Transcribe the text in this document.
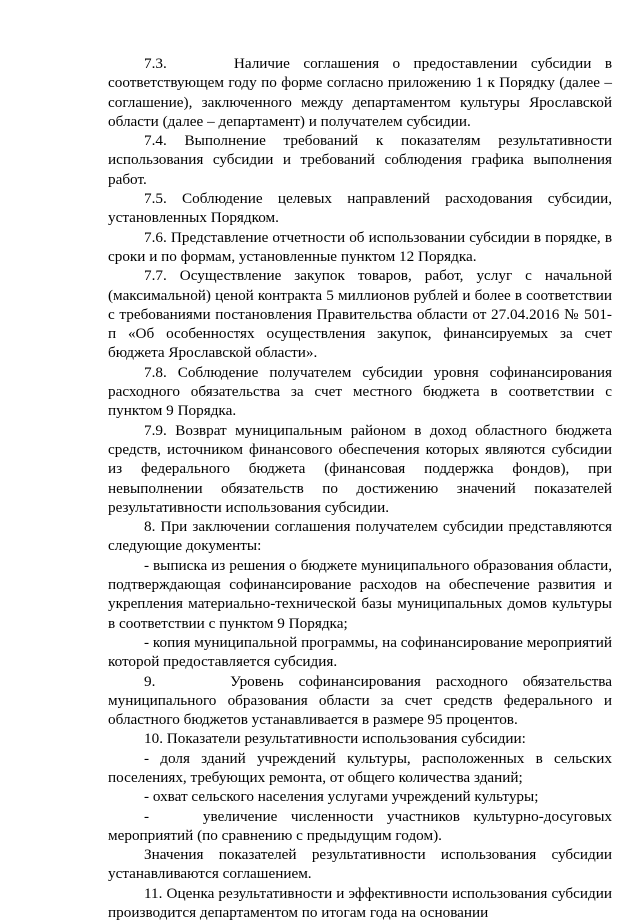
7.3.     Наличие соглашения о предоставлении субсидии в соответствующем году по форме согласно приложению 1 к Порядку (далее – соглашение), заключенного между департаментом культуры Ярославской области (далее – департамент) и получателем субсидии.

7.4. Выполнение требований к показателям результативности использования субсидии и требований соблюдения графика выполнения работ.

7.5. Соблюдение целевых направлений расходования субсидии, установленных Порядком.

7.6. Представление отчетности об использовании субсидии в порядке, в сроки и по формам, установленные пунктом 12 Порядка.

7.7. Осуществление закупок товаров, работ, услуг с начальной (максимальной) ценой контракта 5 миллионов рублей и более в соответствии с требованиями постановления Правительства области от 27.04.2016 № 501-п «Об особенностях осуществления закупок, финансируемых за счет бюджета Ярославской области».

7.8. Соблюдение получателем субсидии уровня софинансирования расходного обязательства за счет местного бюджета в соответствии с пунктом 9 Порядка.

7.9. Возврат муниципальным районом в доход областного бюджета средств, источником финансового обеспечения которых являются субсидии из федерального бюджета (финансовая поддержка фондов), при невыполнении обязательств по достижению значений показателей результативности использования субсидии.

8. При заключении соглашения получателем субсидии представляются следующие документы:

- выписка из решения о бюджете муниципального образования области, подтверждающая софинансирование расходов на обеспечение развития и укрепления материально-технической базы муниципальных домов культуры в соответствии с пунктом 9 Порядка;

- копия муниципальной программы, на софинансирование мероприятий которой предоставляется субсидия.

9.     Уровень софинансирования расходного обязательства муниципального образования области за счет средств федерального и областного бюджетов устанавливается в размере 95 процентов.

10. Показатели результативности использования субсидии:

- доля зданий учреждений культуры, расположенных в сельских поселениях, требующих ремонта, от общего количества зданий;

- охват сельского населения услугами учреждений культуры;

-    увеличение численности участников культурно-досуговых мероприятий (по сравнению с предыдущим годом).

Значения показателей результативности использования субсидии устанавливаются соглашением.

11. Оценка результативности и эффективности использования субсидии производится департаментом по итогам года на основании
